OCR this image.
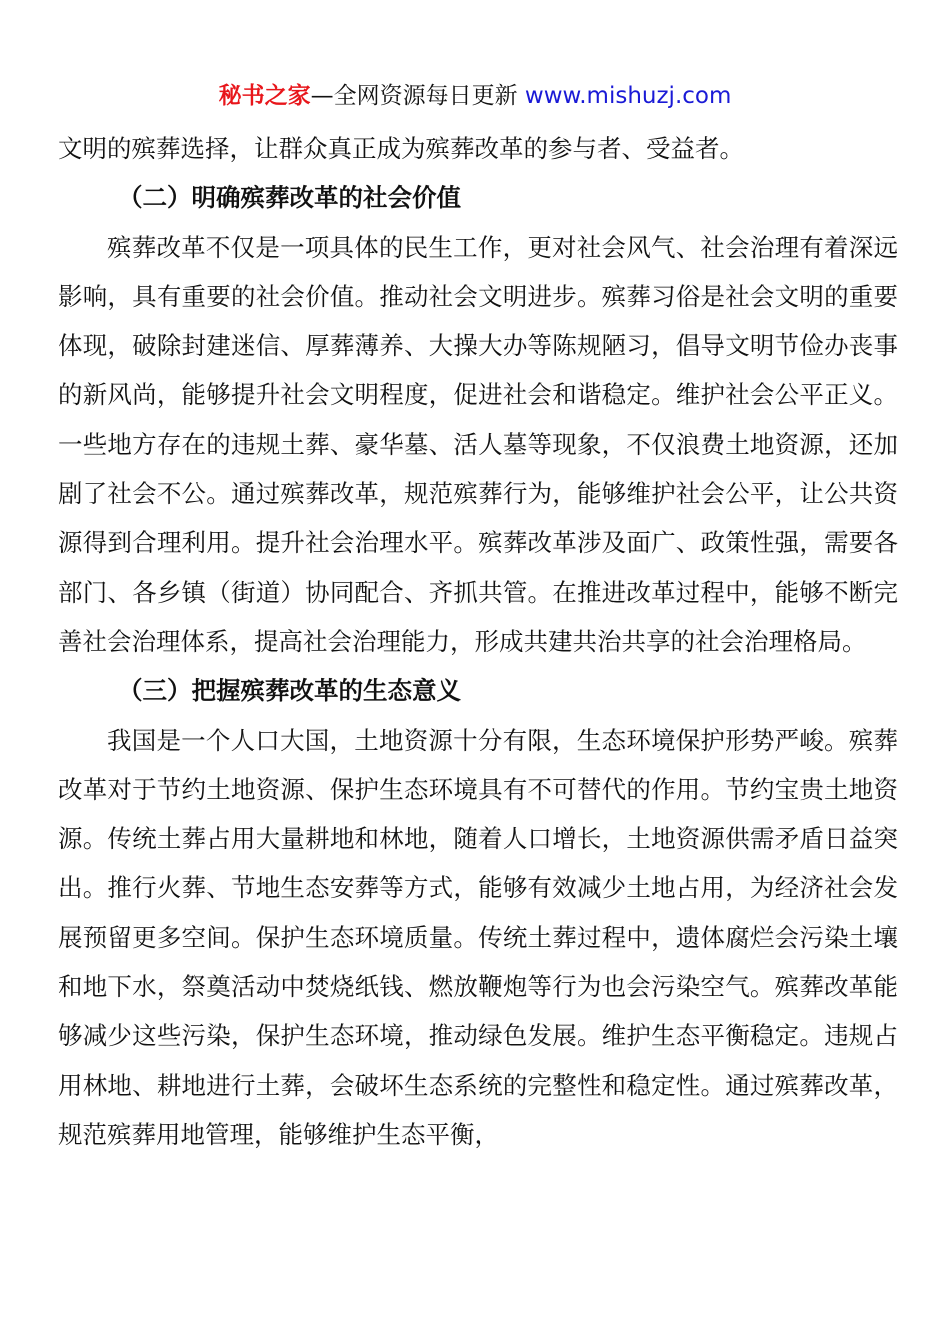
秘书之家—全网资源每日更新 www.mishuzj.com

文明的殡葬选择，让群众真正成为殡葬改革的参与者、受益者。

（二）明确殡葬改革的社会价值

殡葬改革不仅是一项具体的民生工作，更对社会风气、社会治理有着深远影响，具有重要的社会价值。推动社会文明进步。殡葬习俗是社会文明的重要体现，破除封建迷信、厚葬薄养、大操大办等陈规陋习，倡导文明节俭办丧事的新风尚，能够提升社会文明程度，促进社会和谐稳定。维护社会公平正义。一些地方存在的违规土葬、豪华墓、活人墓等现象，不仅浪费土地资源，还加剧了社会不公。通过殡葬改革，规范殡葬行为，能够维护社会公平，让公共资源得到合理利用。提升社会治理水平。殡葬改革涉及面广、政策性强，需要各部门、各乡镇（街道）协同配合、齐抓共管。在推进改革过程中，能够不断完善社会治理体系，提高社会治理能力，形成共建共治共享的社会治理格局。

（三）把握殡葬改革的生态意义

我国是一个人口大国，土地资源十分有限，生态环境保护形势严峻。殡葬改革对于节约土地资源、保护生态环境具有不可替代的作用。节约宝贵土地资源。传统土葬占用大量耕地和林地，随着人口增长，土地资源供需矛盾日益突出。推行火葬、节地生态安葬等方式，能够有效减少土地占用，为经济社会发展预留更多空间。保护生态环境质量。传统土葬过程中，遗体腐烂会污染土壤和地下水，祭奠活动中焚烧纸钱、燃放鞭炮等行为也会污染空气。殡葬改革能够减少这些污染，保护生态环境，推动绿色发展。维护生态平衡稳定。违规占用林地、耕地进行土葬，会破坏生态系统的完整性和稳定性。通过殡葬改革，规范殡葬用地管理，能够维护生态平衡，
